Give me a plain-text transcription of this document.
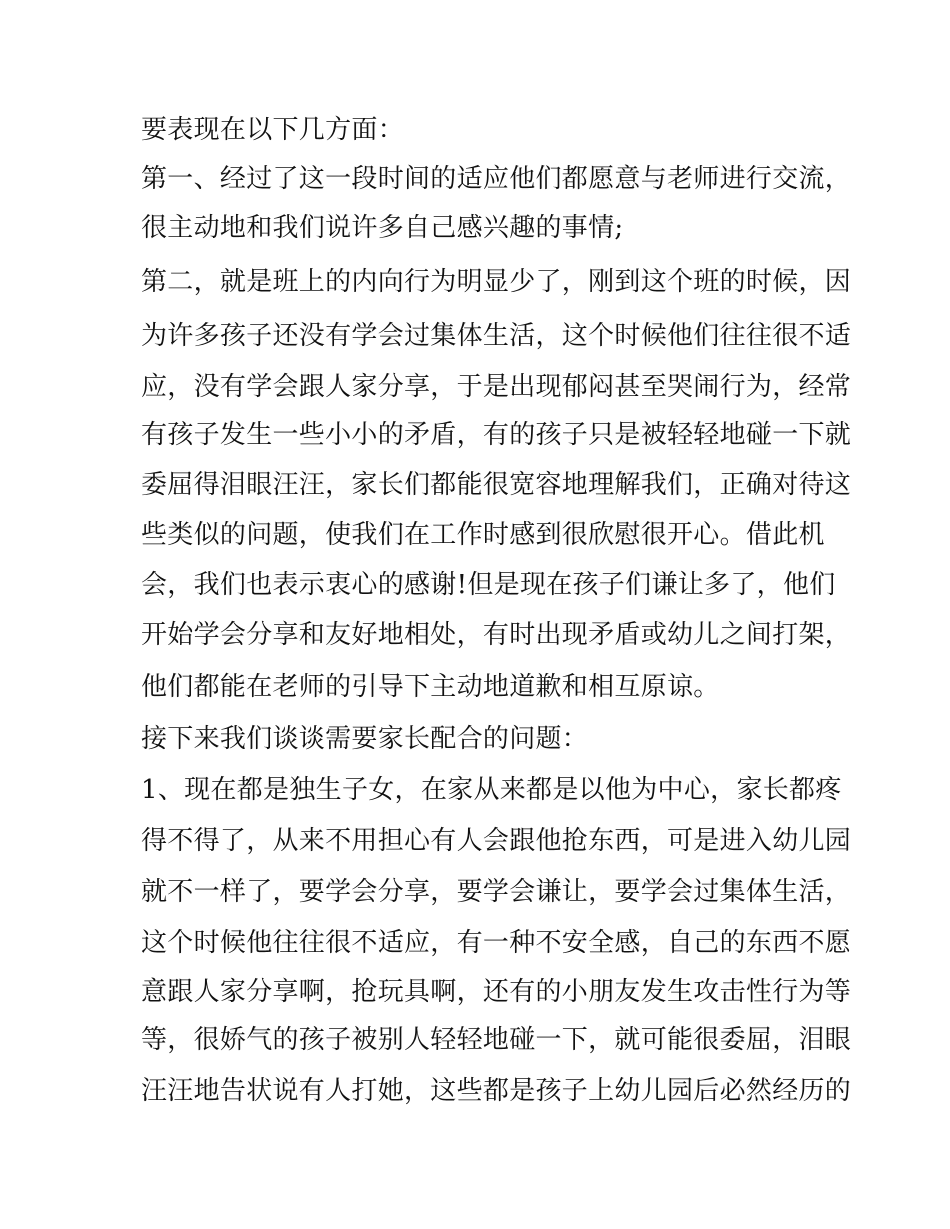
要表现在以下几方面：
第一、经过了这一段时间的适应他们都愿意与老师进行交流，
很主动地和我们说许多自己感兴趣的事情;
第二，就是班上的内向行为明显少了，刚到这个班的时候，因
为许多孩子还没有学会过集体生活，这个时候他们往往很不适
应，没有学会跟人家分享，于是出现郁闷甚至哭闹行为，经常
有孩子发生一些小小的矛盾，有的孩子只是被轻轻地碰一下就
委屈得泪眼汪汪，家长们都能很宽容地理解我们，正确对待这
些类似的问题，使我们在工作时感到很欣慰很开心。借此机
会，我们也表示衷心的感谢!但是现在孩子们谦让多了，他们
开始学会分享和友好地相处，有时出现矛盾或幼儿之间打架，
他们都能在老师的引导下主动地道歉和相互原谅。
接下来我们谈谈需要家长配合的问题：
1、现在都是独生子女，在家从来都是以他为中心，家长都疼
得不得了，从来不用担心有人会跟他抢东西，可是进入幼儿园
就不一样了，要学会分享，要学会谦让，要学会过集体生活，
这个时候他往往很不适应，有一种不安全感，自己的东西不愿
意跟人家分享啊，抢玩具啊，还有的小朋友发生攻击性行为等
等，很娇气的孩子被别人轻轻地碰一下，就可能很委屈，泪眼
汪汪地告状说有人打她，这些都是孩子上幼儿园后必然经历的
